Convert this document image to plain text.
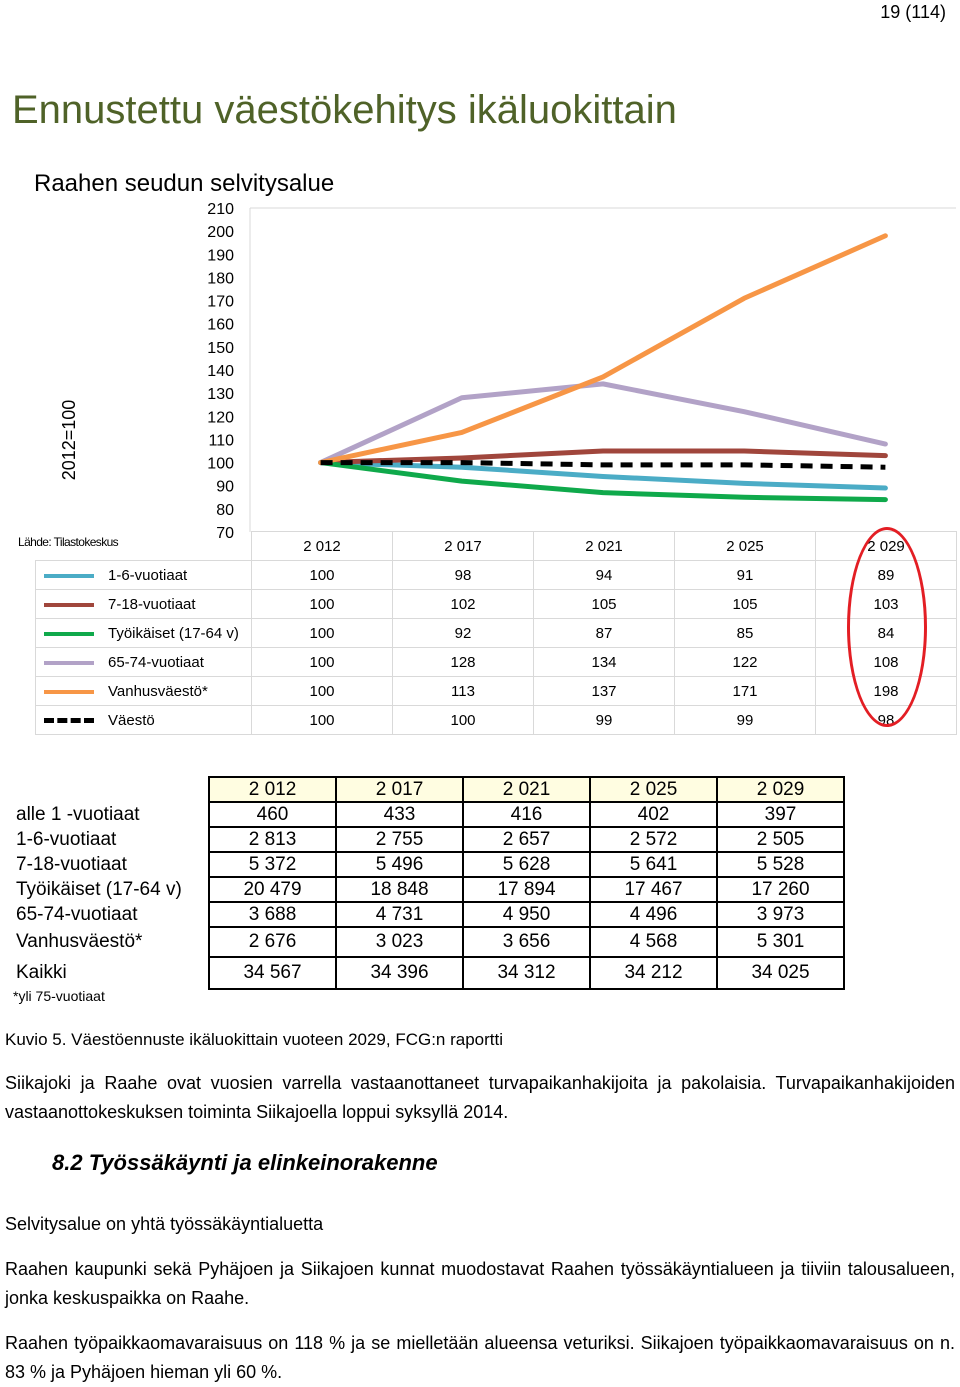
19 (114)
Ennustettu väestökehitys ikäluokittain
Raahen seudun selvitysalue
2012=100
Lähde: Tilastokeskus
210
200
190
180
170
160
150
140
130
120
110
100
90
80
70
	2 012	2 017	2 021	2 025	2 029
1-6-vuotiaat	100	98	94	91	89
7-18-vuotiaat	100	102	105	105	103
Työikäiset (17-64 v)	100	92	87	85	84
65-74-vuotiaat	100	128	134	122	108
Vanhusväestö*	100	113	137	171	198
Väestö	100	100	99	99	98
	2 012	2 017	2 021	2 025	2 029
alle 1 -vuotiaat	460	433	416	402	397
1-6-vuotiaat	2 813	2 755	2 657	2 572	2 505
7-18-vuotiaat	5 372	5 496	5 628	5 641	5 528
Työikäiset (17-64 v)	20 479	18 848	17 894	17 467	17 260
65-74-vuotiaat	3 688	4 731	4 950	4 496	3 973
Vanhusväestö*	2 676	3 023	3 656	4 568	5 301
Kaikki	34 567	34 396	34 312	34 212	34 025
*yli 75-vuotiaat
Kuvio 5. Väestöennuste ikäluokittain vuoteen 2029, FCG:n raportti
Siikajoki ja Raahe ovat vuosien varrella vastaanottaneet turvapaikanhakijoita ja pakolaisia. Turvapaikanhakijoiden vastaanottokeskuksen toiminta Siikajoella loppui syksyllä 2014.
8.2 Työssäkäynti ja elinkeinorakenne
Selvitysalue on yhtä työssäkäyntialuetta
Raahen kaupunki sekä Pyhäjoen ja Siikajoen kunnat muodostavat Raahen työssäkäyntialueen ja tiiviin talousalueen, jonka keskuspaikka on Raahe.
Raahen työpaikkaomavaraisuus on 118 % ja se mielletään alueensa veturiksi. Siikajoen työpaikkaomavaraisuus on n. 83 % ja Pyhäjoen hieman yli 60 %.
